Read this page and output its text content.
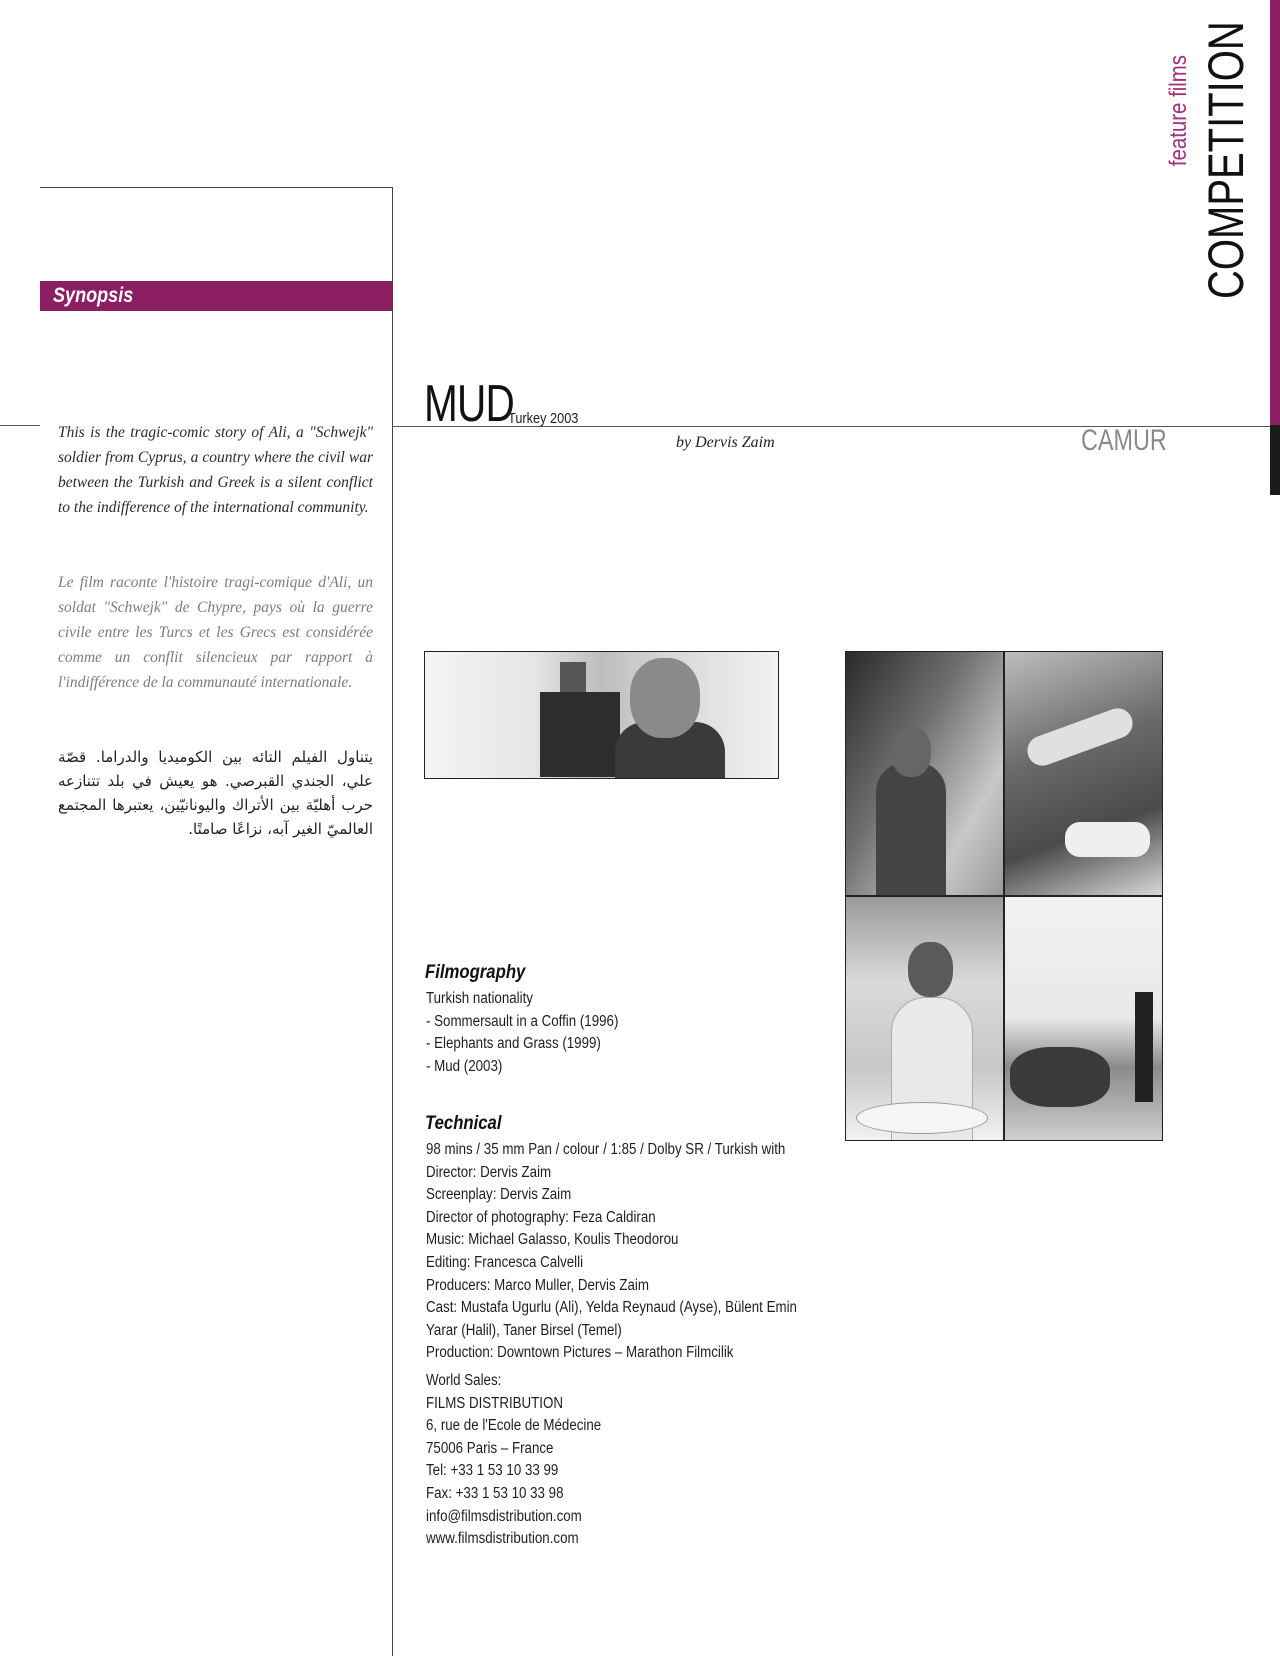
Synopsis
This is the tragic-comic story of Ali, a "Schwejk" soldier from Cyprus, a country where the civil war between the Turkish and Greek is a silent conflict to the indifference of the international community.
Le film raconte l'histoire tragi-comique d'Ali, un soldat "Schwejk" de Chypre, pays où la guerre civile entre les Turcs et les Grecs est considérée comme un conflit silencieux par rapport à l'indifférence de la communauté internationale.
يتناول الفيلم التائه بين الكوميديا والدراما. قصّة علي، الجندي القبرصي. هو يعيش في بلد تتنازعه حرب أهليّة بين الأتراك واليونانيّين، يعتبرها المجتمع العالميّ الغير آبه، نزاعًا صامتًا.
MUD
Turkey 2003
by Dervis Zaim	CAMUR
feature films COMPETITION
Filmography
Turkish nationality
- Sommersault in a Coffin (1996)
- Elephants and Grass (1999)
- Mud (2003)
Technical
98 mins / 35 mm Pan / colour / 1:85 / Dolby SR / Turkish with
Director: Dervis Zaim
Screenplay: Dervis Zaim
Director of photography: Feza Caldiran
Music: Michael Galasso, Koulis Theodorou
Editing: Francesca Calvelli
Producers: Marco Muller, Dervis Zaim
Cast: Mustafa Ugurlu (Ali), Yelda Reynaud (Ayse), Bülent Emin
Yarar (Halil), Taner Birsel (Temel)
Production: Downtown Pictures – Marathon Filmcilik
World Sales:
FILMS DISTRIBUTION
6, rue de l'Ecole de Médecine
75006 Paris – France
Tel: +33 1 53 10 33 99
Fax: +33 1 53 10 33 98
info@filmsdistribution.com
www.filmsdistribution.com
